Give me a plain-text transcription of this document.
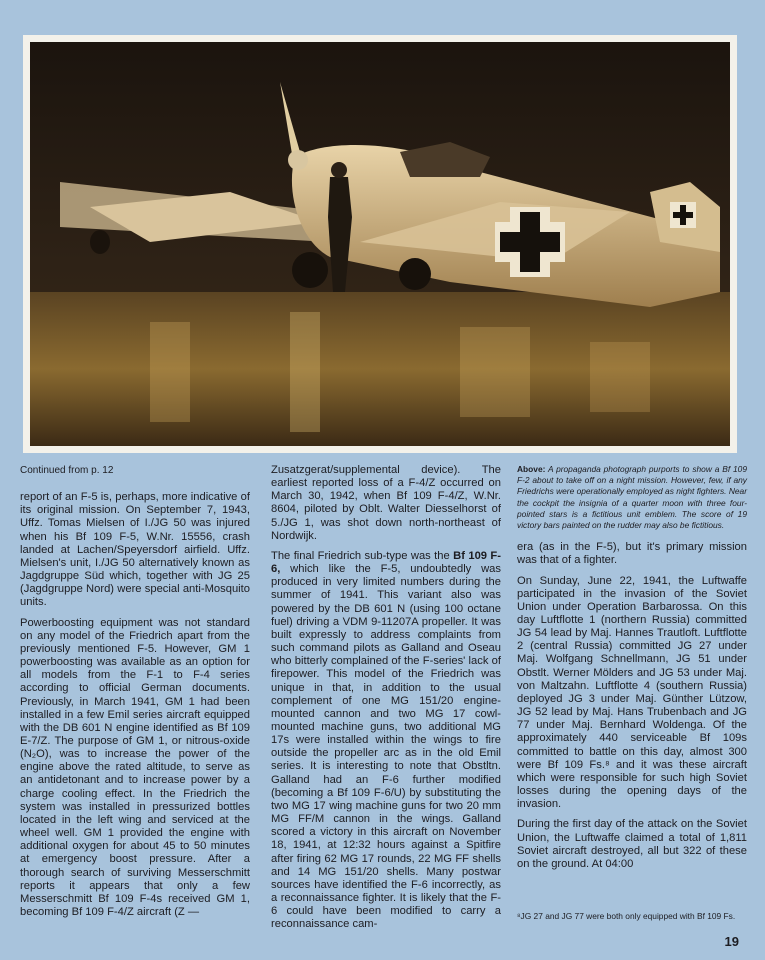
Continued from p. 12

report of an F-5 is, perhaps, more indicative of its original mission. On September 7, 1943, Uffz. Tomas Mielsen of I./JG 50 was injured when his Bf 109 F-5, W.Nr. 15556, crash landed at Lachen/Speyersdorf airfield. Uffz. Mielsen's unit, I./JG 50 alternatively known as Jagdgruppe Süd which, together with JG 25 (Jagdgruppe Nord) were special anti-Mosquito units.

Powerboosting equipment was not standard on any model of the Friedrich apart from the previously mentioned F-5. However, GM 1 powerboosting was available as an option for all models from the F-1 to F-4 series according to official German documents. Previously, in March 1941, GM 1 had been installed in a few Emil series aircraft equipped with the DB 601 N engine identified as Bf 109 E-7/Z. The purpose of GM 1, or nitrous-oxide (N₂O), was to increase the power of the engine above the rated altitude, to serve as an antidetonant and to increase power by a charge cooling effect. In the Friedrich the system was installed in pressurized bottles located in the left wing and serviced at the wheel well. GM 1 provided the engine with additional oxygen for about 45 to 50 minutes at emergency boost pressure. After a thorough search of surviving Messerschmitt reports it appears that only a few Messerschmitt Bf 109 F-4s received GM 1, becoming Bf 109 F-4/Z aircraft (Z —

Zusatzgerat/supplemental device). The earliest reported loss of a F-4/Z occurred on March 30, 1942, when Bf 109 F-4/Z, W.Nr. 8604, piloted by Oblt. Walter Diesselhorst of 5./JG 1, was shot down north-northeast of Nordwijk.

The final Friedrich sub-type was the Bf 109 F-6, which like the F-5, undoubtedly was produced in very limited numbers during the summer of 1941. This variant also was powered by the DB 601 N (using 100 octane fuel) driving a VDM 9-11207A propeller. It was built expressly to address complaints from such command pilots as Galland and Oseau who bitterly complained of the F-series' lack of firepower. This model of the Friedrich was unique in that, in addition to the usual complement of one MG 151/20 engine-mounted cannon and two MG 17 cowl-mounted machine guns, two additional MG 17s were installed within the wings to fire outside the propeller arc as in the old Emil series. It is interesting to note that Obstltn. Galland had an F-6 further modified (becoming a Bf 109 F-6/U) by substituting the two MG 17 wing machine guns for two 20 mm MG FF/M cannon in the wings. Galland scored a victory in this aircraft on November 18, 1941, at 12:32 hours against a Spitfire after firing 62 MG 17 rounds, 22 MG FF shells and 14 MG 151/20 shells. Many postwar sources have identified the F-6 incorrectly, as a reconnaissance fighter. It is likely that the F-6 could have been modified to carry a reconnaissance cam-

Above: A propaganda photograph purports to show a Bf 109 F-2 about to take off on a night mission. However, few, if any Friedrichs were operationally employed as night fighters. Near the cockpit the insignia of a quarter moon with three four-pointed stars is a fictitious unit emblem. The score of 19 victory bars painted on the rudder may also be fictitious.

era (as in the F-5), but it's primary mission was that of a fighter.

On Sunday, June 22, 1941, the Luftwaffe participated in the invasion of the Soviet Union under Operation Barbarossa. On this day Luftflotte 1 (northern Russia) committed JG 54 lead by Maj. Hannes Trautloft. Luftflotte 2 (central Russia) committed JG 27 under Maj. Wolfgang Schnellmann, JG 51 under Obstlt. Werner Mölders and JG 53 under Maj. von Maltzahn. Luftflotte 4 (southern Russia) deployed JG 3 under Maj. Günther Lützow, JG 52 lead by Maj. Hans Trubenbach and JG 77 under Maj. Bernhard Woldenga. Of the approximately 440 serviceable Bf 109s committed to battle on this day, almost 300 were Bf 109 Fs.⁸ and it was these aircraft which were responsible for such high Soviet losses during the opening days of the invasion.

During the first day of the attack on the Soviet Union, the Luftwaffe claimed a total of 1,811 Soviet aircraft destroyed, all but 322 of these on the ground. At 04:00

⁸JG 27 and JG 77 were both only equipped with Bf 109 Fs.
19
